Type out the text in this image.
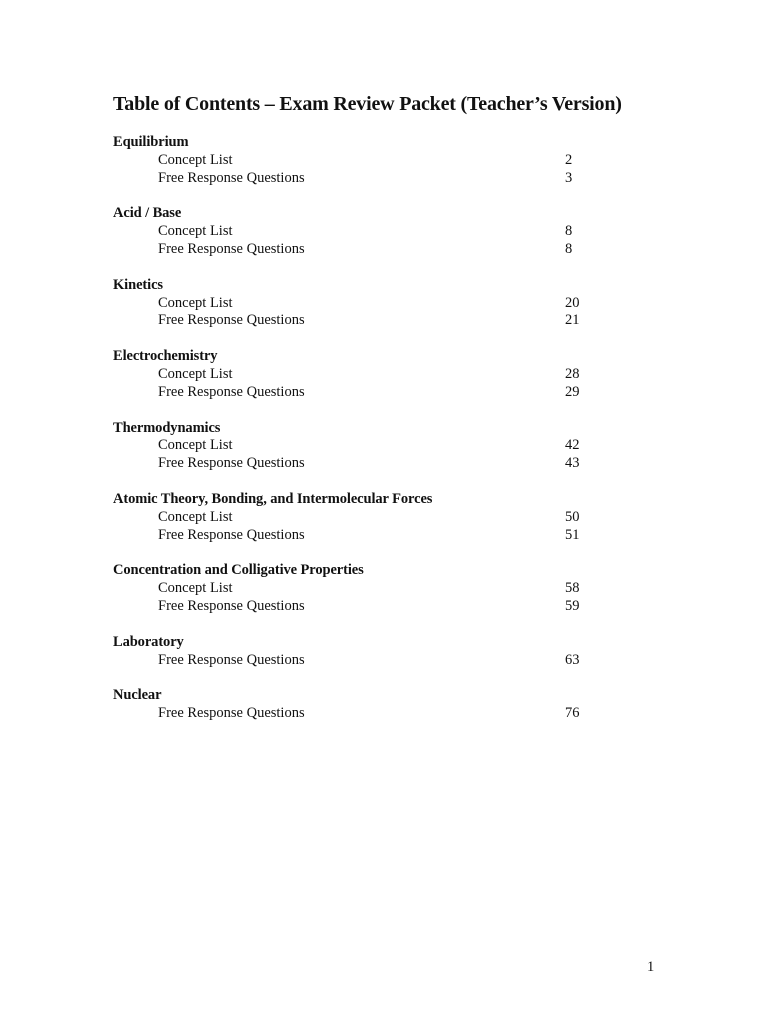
Table of Contents – Exam Review Packet (Teacher’s Version)
Equilibrium
Concept List	2
Free Response Questions	3
Acid / Base
Concept List	8
Free Response Questions	8
Kinetics
Concept List	20
Free Response Questions	21
Electrochemistry
Concept List	28
Free Response Questions	29
Thermodynamics
Concept List	42
Free Response Questions	43
Atomic Theory, Bonding, and Intermolecular Forces
Concept List	50
Free Response Questions	51
Concentration and Colligative Properties
Concept List	58
Free Response Questions	59
Laboratory
Free Response Questions	63
Nuclear
Free Response Questions	76
1
